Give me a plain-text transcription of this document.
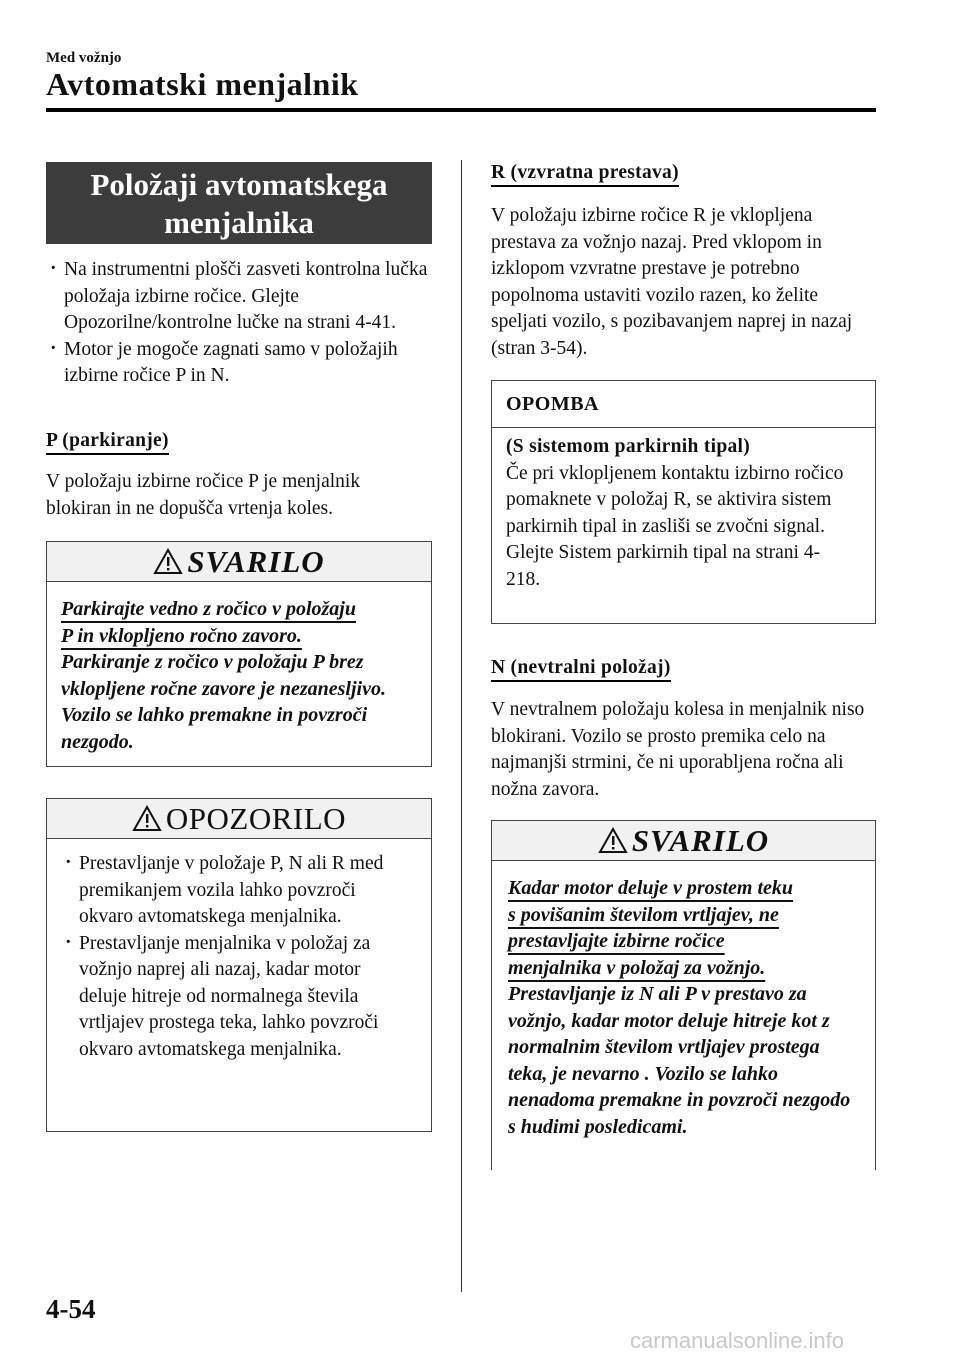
Med vožnjo
Avtomatski menjalnik
Položaji avtomatskega
menjalnika
· Na instrumentni plošči zasveti kontrolna lučka položaja izbirne ročice. Glejte Opozorilne/kontrolne lučke na strani 4-41.
· Motor je mogoče zagnati samo v položajih izbirne ročice P in N.
P (parkiranje)
V položaju izbirne ročice P je menjalnik blokiran in ne dopušča vrtenja koles.
SVARILO
Parkirajte vedno z ročico v položaju
P in vklopljeno ročno zavoro.
Parkiranje z ročico v položaju P brez vklopljene ročne zavore je nezanesljivo. Vozilo se lahko premakne in povzroči nezgodo.
OPOZORILO
· Prestavljanje v položaje P, N ali R med premikanjem vozila lahko povzroči okvaro avtomatskega menjalnika.
· Prestavljanje menjalnika v položaj za vožnjo naprej ali nazaj, kadar motor deluje hitreje od normalnega števila vrtljajev prostega teka, lahko povzroči okvaro avtomatskega menjalnika.
R (vzvratna prestava)
V položaju izbirne ročice R je vklopljena prestava za vožnjo nazaj. Pred vklopom in izklopom vzvratne prestave je potrebno popolnoma ustaviti vozilo razen, ko želite speljati vozilo, s pozibavanjem naprej in nazaj (stran 3-54).
OPOMBA
(S sistemom parkirnih tipal)
Če pri vklopljenem kontaktu izbirno ročico pomaknete v položaj R, se aktivira sistem parkirnih tipal in zasliši se zvočni signal.
Glejte Sistem parkirnih tipal na strani 4-218.
N (nevtralni položaj)
V nevtralnem položaju kolesa in menjalnik niso blokirani. Vozilo se prosto premika celo na najmanjši strmini, če ni uporabljena ročna ali nožna zavora.
SVARILO
Kadar motor deluje v prostem teku
s povišanim številom vrtljajev, ne
prestavljajte izbirne ročice
menjalnika v položaj za vožnjo.
Prestavljanje iz N ali P v prestavo za vožnjo, kadar motor deluje hitreje kot z normalnim številom vrtljajev prostega teka, je nevarno . Vozilo se lahko nenadoma premakne in povzroči nezgodo s hudimi posledicami.
4-54
carmanualsonline.info
